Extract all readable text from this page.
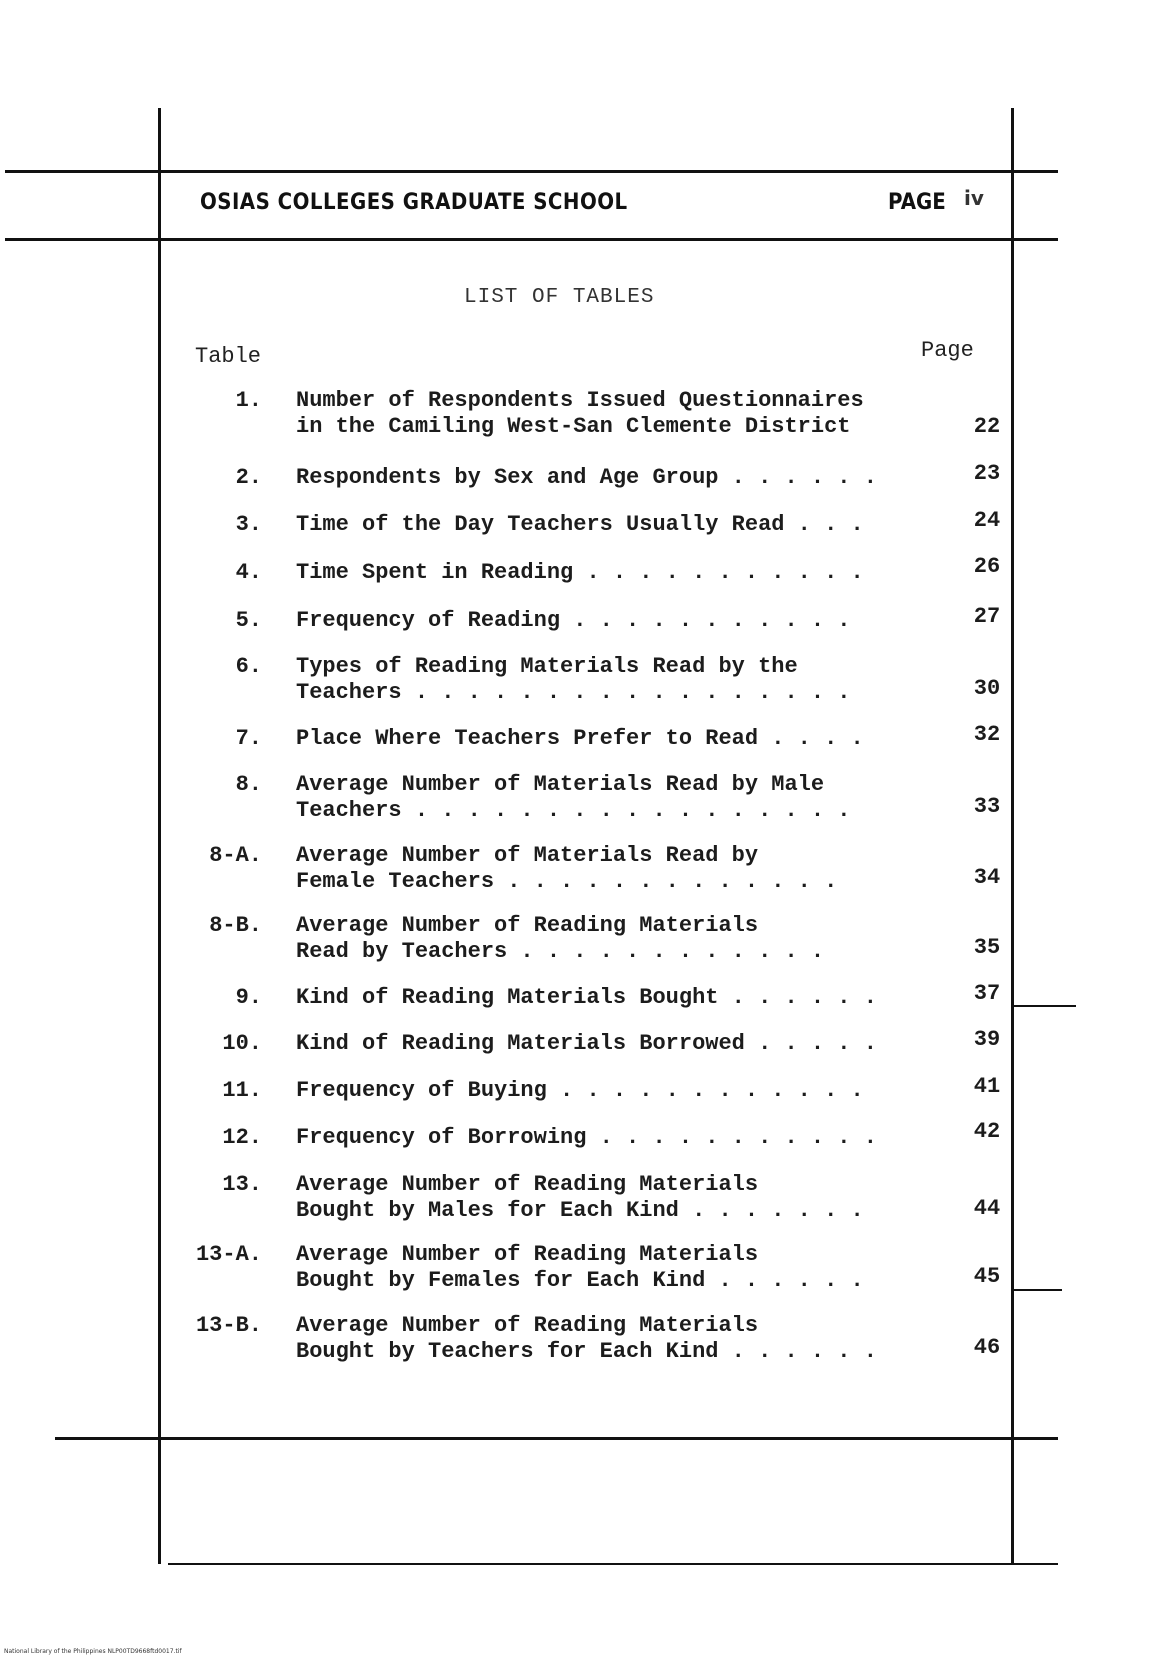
OSIAS COLLEGES GRADUATE SCHOOL	PAGE iv
LIST OF TABLES
Table	Page
1. Number of Respondents Issued Questionnaires
in the Camiling West-San Clemente District	22
2. Respondents by Sex and Age Group . . . . . .	23
3. Time of the Day Teachers Usually Read . . .	24
4. Time Spent in Reading . . . . . . . . . . .	26
5. Frequency of Reading . . . . . . . . . . .	27
6. Types of Reading Materials Read by the
Teachers . . . . . . . . . . . . . . . . .	30
7. Place Where Teachers Prefer to Read . . . .	32
8. Average Number of Materials Read by Male
Teachers . . . . . . . . . . . . . . . . .	33
8-A. Average Number of Materials Read by
Female Teachers . . . . . . . . . . . . .	34
8-B. Average Number of Reading Materials
Read by Teachers . . . . . . . . . . . .	35
9. Kind of Reading Materials Bought . . . . . .	37
10. Kind of Reading Materials Borrowed . . . . .	39
11. Frequency of Buying . . . . . . . . . . . .	41
12. Frequency of Borrowing . . . . . . . . . . .	42
13. Average Number of Reading Materials
Bought by Males for Each Kind . . . . . . .	44
13-A. Average Number of Reading Materials
Bought by Females for Each Kind . . . . . .	45
13-B. Average Number of Reading Materials
Bought by Teachers for Each Kind . . . . . .	46
National Library of the Philippines NLP00TD9668ftd0017.tif
